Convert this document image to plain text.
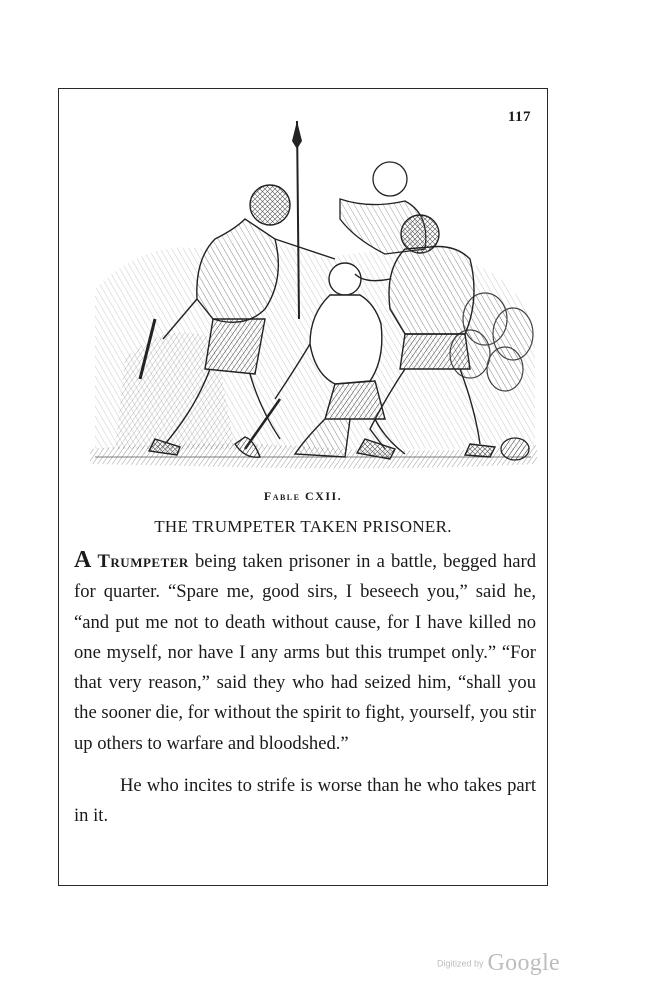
117
Fable CXII.
THE TRUMPETER TAKEN PRISONER.

A Trumpeter being taken prisoner in a battle, begged hard for quarter. “Spare me, good sirs, I beseech you,” said he, “and put me not to death without cause, for I have killed no one myself, nor have I any arms but this trumpet only.” “For that very reason,” said they who had seized him, “shall you the sooner die, for without the spirit to fight, yourself, you stir up others to warfare and bloodshed.”

He who incites to strife is worse than he who takes part in it.

Digitized by Google
